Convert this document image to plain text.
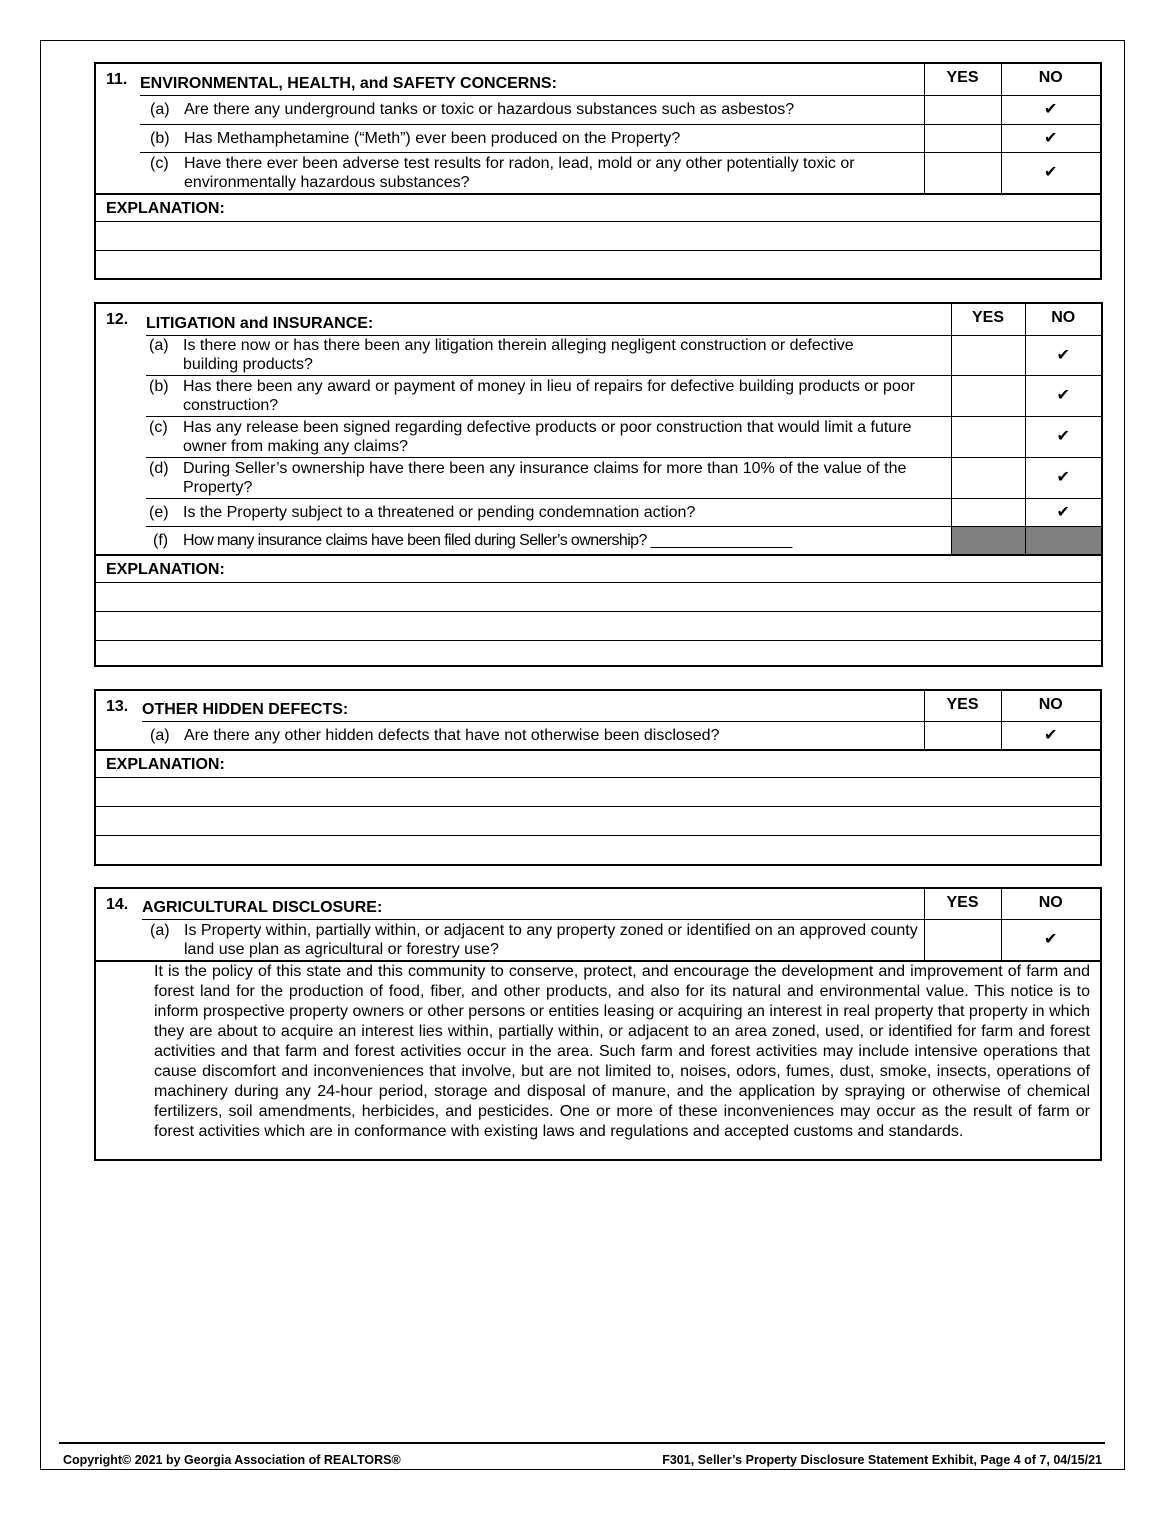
11.	ENVIRONMENTAL, HEALTH, and SAFETY CONCERNS:	YES	NO
	(a) Are there any underground tanks or toxic or hazardous substances such as asbestos?		✔
	(b) Has Methamphetamine (“Meth”) ever been produced on the Property?		✔
	(c) Have there ever been adverse test results for radon, lead, mold or any other potentially toxic or environmentally hazardous substances?		✔
EXPLANATION:
12.	LITIGATION and INSURANCE:	YES	NO
	(a) Is there now or has there been any litigation therein alleging negligent construction or defective building products?		✔
	(b) Has there been any award or payment of money in lieu of repairs for defective building products or poor construction?		✔
	(c) Has any release been signed regarding defective products or poor construction that would limit a future owner from making any claims?		✔
	(d) During Seller’s ownership have there been any insurance claims for more than 10% of the value of the Property?		✔
	(e) Is the Property subject to a threatened or pending condemnation action?		✔
	(f) How many insurance claims have been filed during Seller’s ownership? _________________		
EXPLANATION:
13.	OTHER HIDDEN DEFECTS:	YES	NO
	(a) Are there any other hidden defects that have not otherwise been disclosed?		✔
EXPLANATION:
14.	AGRICULTURAL DISCLOSURE:	YES	NO
	(a) Is Property within, partially within, or adjacent to any property zoned or identified on an approved county land use plan as agricultural or forestry use?		✔
It is the policy of this state and this community to conserve, protect, and encourage the development and improvement of farm and forest land for the production of food, fiber, and other products, and also for its natural and environmental value. This notice is to inform prospective property owners or other persons or entities leasing or acquiring an interest in real property that property in which they are about to acquire an interest lies within, partially within, or adjacent to an area zoned, used, or identified for farm and forest activities and that farm and forest activities occur in the area. Such farm and forest activities may include intensive operations that cause discomfort and inconveniences that involve, but are not limited to, noises, odors, fumes, dust, smoke, insects, operations of machinery during any 24-hour period, storage and disposal of manure, and the application by spraying or otherwise of chemical fertilizers, soil amendments, herbicides, and pesticides. One or more of these inconveniences may occur as the result of farm or forest activities which are in conformance with existing laws and regulations and accepted customs and standards.
Copyright© 2021 by Georgia Association of REALTORS®	F301, Seller’s Property Disclosure Statement Exhibit, Page 4 of 7, 04/15/21
